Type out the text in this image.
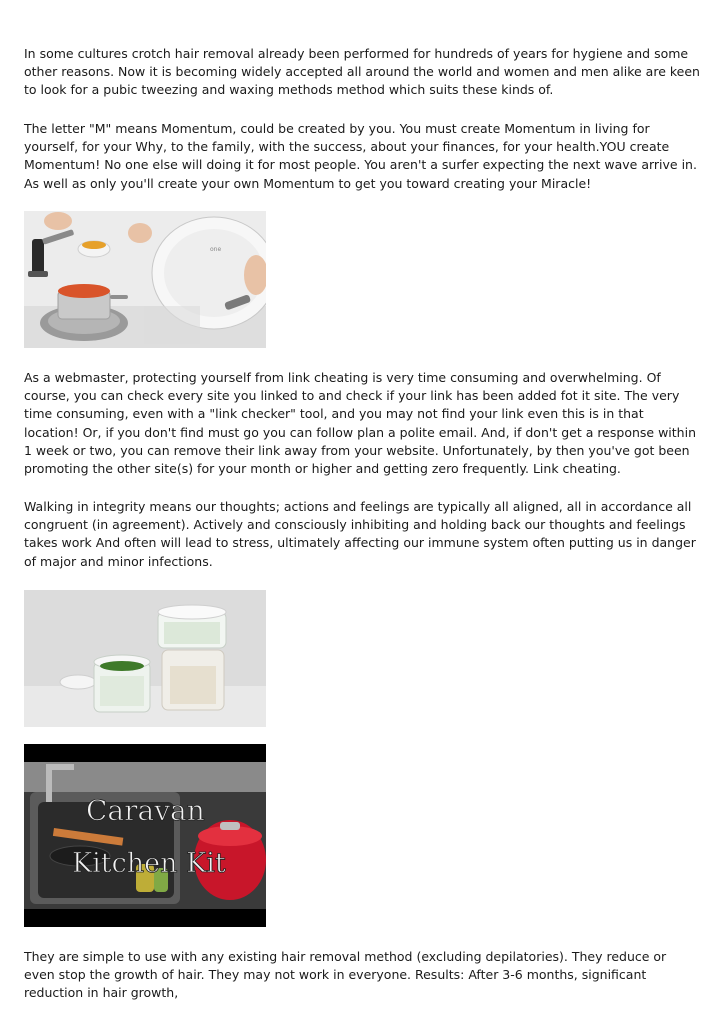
In some cultures crotch hair removal already been performed for hundreds of years for hygiene and some other reasons. Now it is becoming widely accepted all around the world and women and men alike are keen to look for a pubic tweezing and waxing methods method which suits these kinds of.

The letter "M" means Momentum, could be created by you. You must create Momentum in living for yourself, for your Why, to the family, with the success, about your finances, for your health.YOU create Momentum! No one else will doing it for most people. You aren't a surfer expecting the next wave arrive in. As well as only you'll create your own Momentum to get you toward creating your Miracle!

one

As a webmaster, protecting yourself from link cheating is very time consuming and overwhelming. Of course, you can check every site you linked to and check if your link has been added fot it site. The very time consuming, even with a "link checker" tool, and you may not find your link even this is in that location! Or, if you don't find must go you can follow plan a polite email. And, if don't get a response within 1 week or two, you can remove their link away from your website. Unfortunately, by then you've got been promoting the other site(s) for your month or higher and getting zero frequently. Link cheating.

Walking in integrity means our thoughts; actions and feelings are typically all aligned, all in accordance all congruent (in agreement). Actively and consciously inhibiting and holding back our thoughts and feelings takes work And often will lead to stress, ultimately affecting our immune system often putting us in danger of major and minor infections.

Caravan
Kitchen Kit

They are simple to use with any existing hair removal method (excluding depilatories). They reduce or even stop the growth of hair. They may not work in everyone. Results: After 3-6 months, significant reduction in hair growth,
